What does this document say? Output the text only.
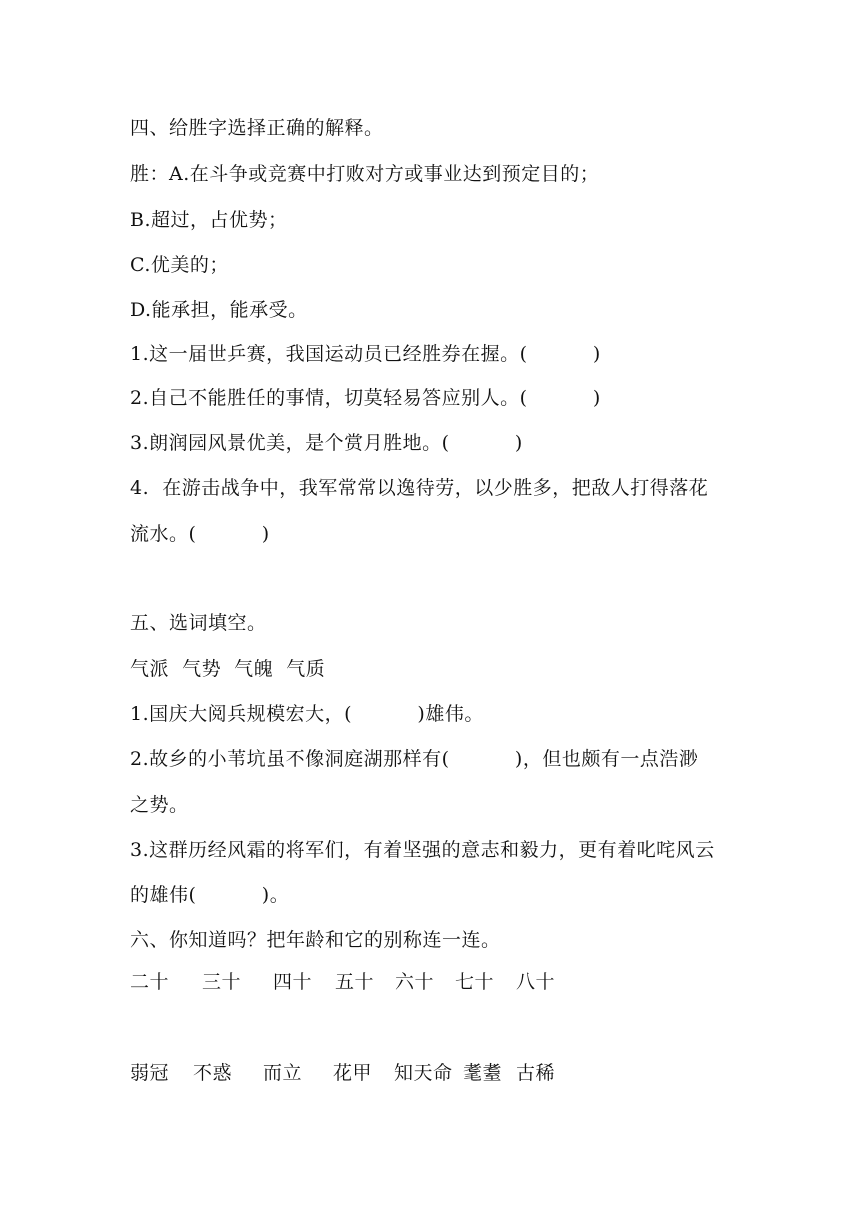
四、给胜字选择正确的解释。
胜：A.在斗争或竞赛中打败对方或事业达到预定目的；
B.超过，占优势；
C.优美的；
D.能承担，能承受。
1.这一届世乒赛，我国运动员已经胜券在握。(          )
2.自己不能胜任的事情，切莫轻易答应别人。(          )
3.朗润园风景优美，是个赏月胜地。(          )
4.  在游击战争中，我军常常以逸待劳，以少胜多，把敌人打得落花
流水。(          )
五、选词填空。
气派  气势  气魄  气质
1.国庆大阅兵规模宏大，(          )雄伟。
2.故乡的小苇坑虽不像洞庭湖那样有(          )，但也颇有一点浩渺
之势。
3.这群历经风霜的将军们，有着坚强的意志和毅力，更有着叱咤风云
的雄伟(          )。
六、你知道吗？把年龄和它的别称连一连。
二十 三十 四十 五十 六十 七十 八十
弱冠 不惑 而立 花甲 知天命 耄耋 古稀
